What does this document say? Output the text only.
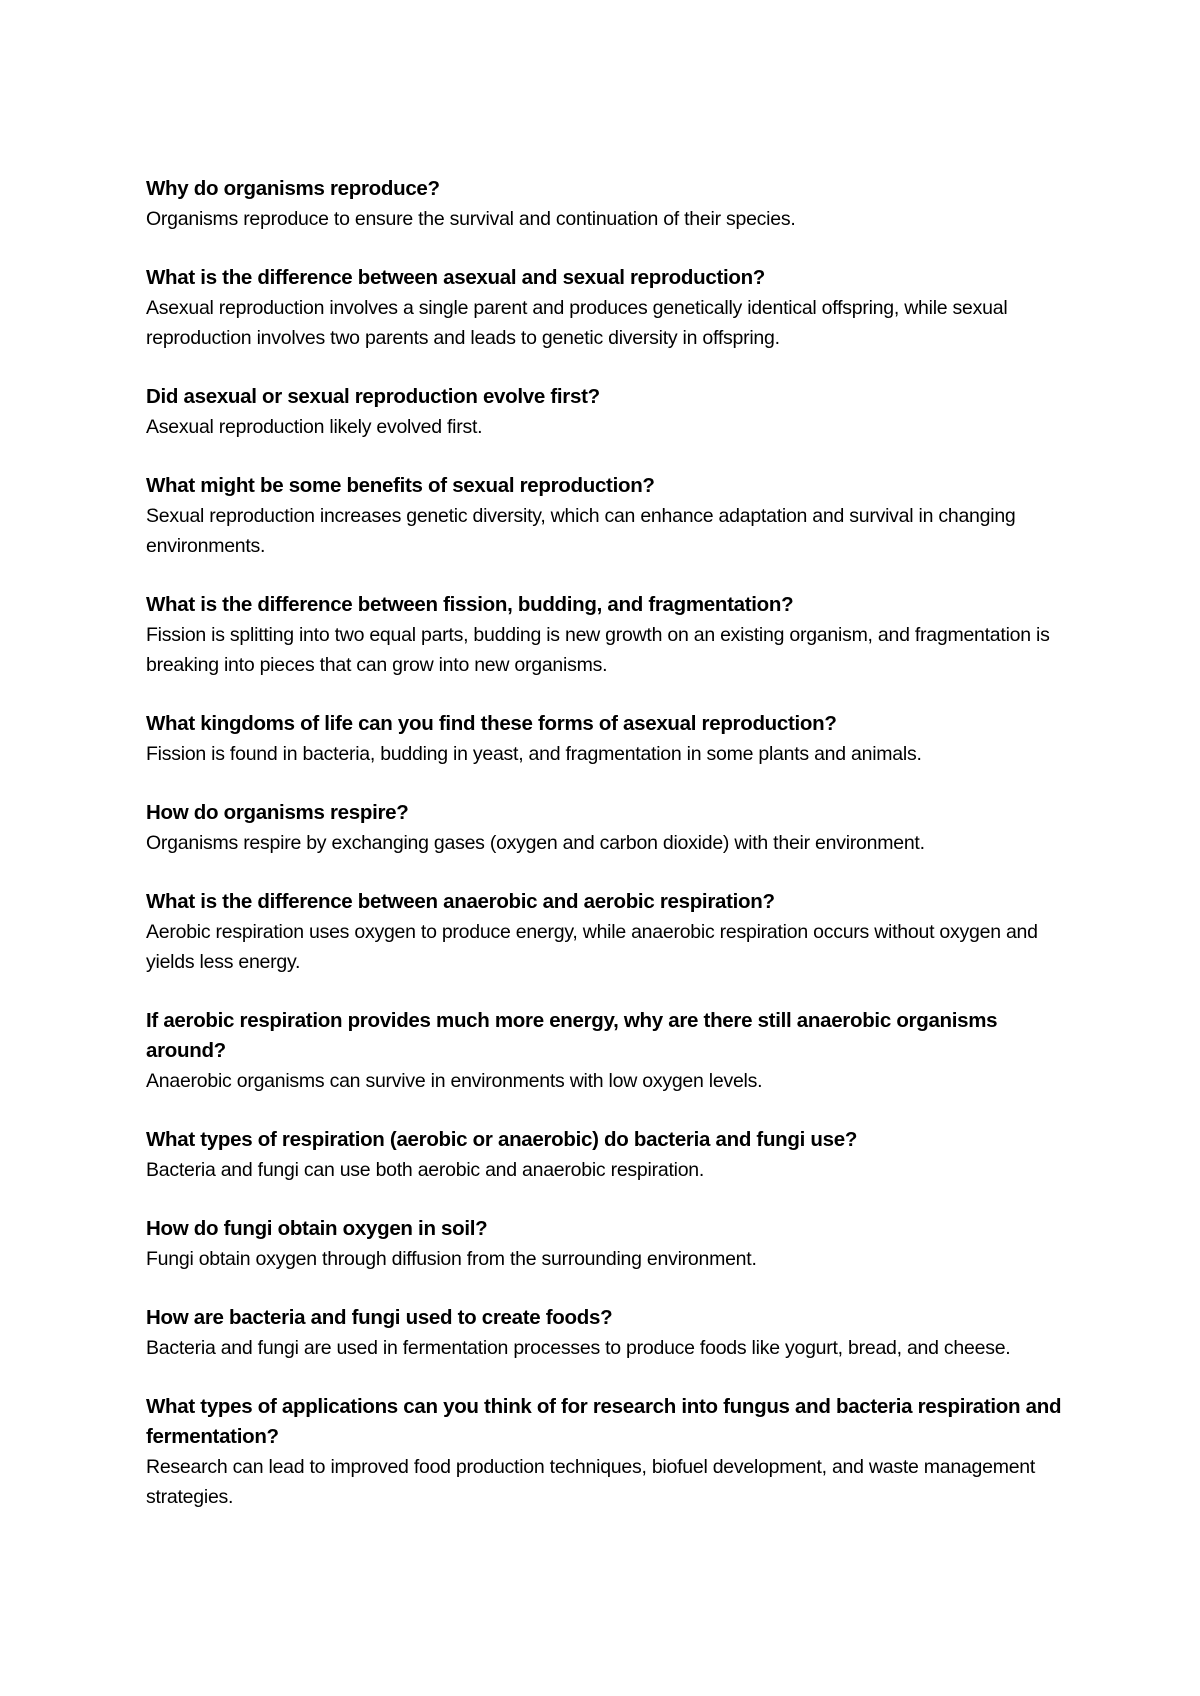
Why do organisms reproduce?

Organisms reproduce to ensure the survival and continuation of their species.

What is the difference between asexual and sexual reproduction?

Asexual reproduction involves a single parent and produces genetically identical offspring, while sexual reproduction involves two parents and leads to genetic diversity in offspring.

Did asexual or sexual reproduction evolve first?

Asexual reproduction likely evolved first.

What might be some benefits of sexual reproduction?

Sexual reproduction increases genetic diversity, which can enhance adaptation and survival in changing environments.

What is the difference between fission, budding, and fragmentation?

Fission is splitting into two equal parts, budding is new growth on an existing organism, and fragmentation is breaking into pieces that can grow into new organisms.

What kingdoms of life can you find these forms of asexual reproduction?

Fission is found in bacteria, budding in yeast, and fragmentation in some plants and animals.

How do organisms respire?

Organisms respire by exchanging gases (oxygen and carbon dioxide) with their environment.

What is the difference between anaerobic and aerobic respiration?

Aerobic respiration uses oxygen to produce energy, while anaerobic respiration occurs without oxygen and yields less energy.

If aerobic respiration provides much more energy, why are there still anaerobic organisms around?

Anaerobic organisms can survive in environments with low oxygen levels.

What types of respiration (aerobic or anaerobic) do bacteria and fungi use?

Bacteria and fungi can use both aerobic and anaerobic respiration.

How do fungi obtain oxygen in soil?

Fungi obtain oxygen through diffusion from the surrounding environment.

How are bacteria and fungi used to create foods?

Bacteria and fungi are used in fermentation processes to produce foods like yogurt, bread, and cheese.

What types of applications can you think of for research into fungus and bacteria respiration and fermentation?

Research can lead to improved food production techniques, biofuel development, and waste management strategies.
